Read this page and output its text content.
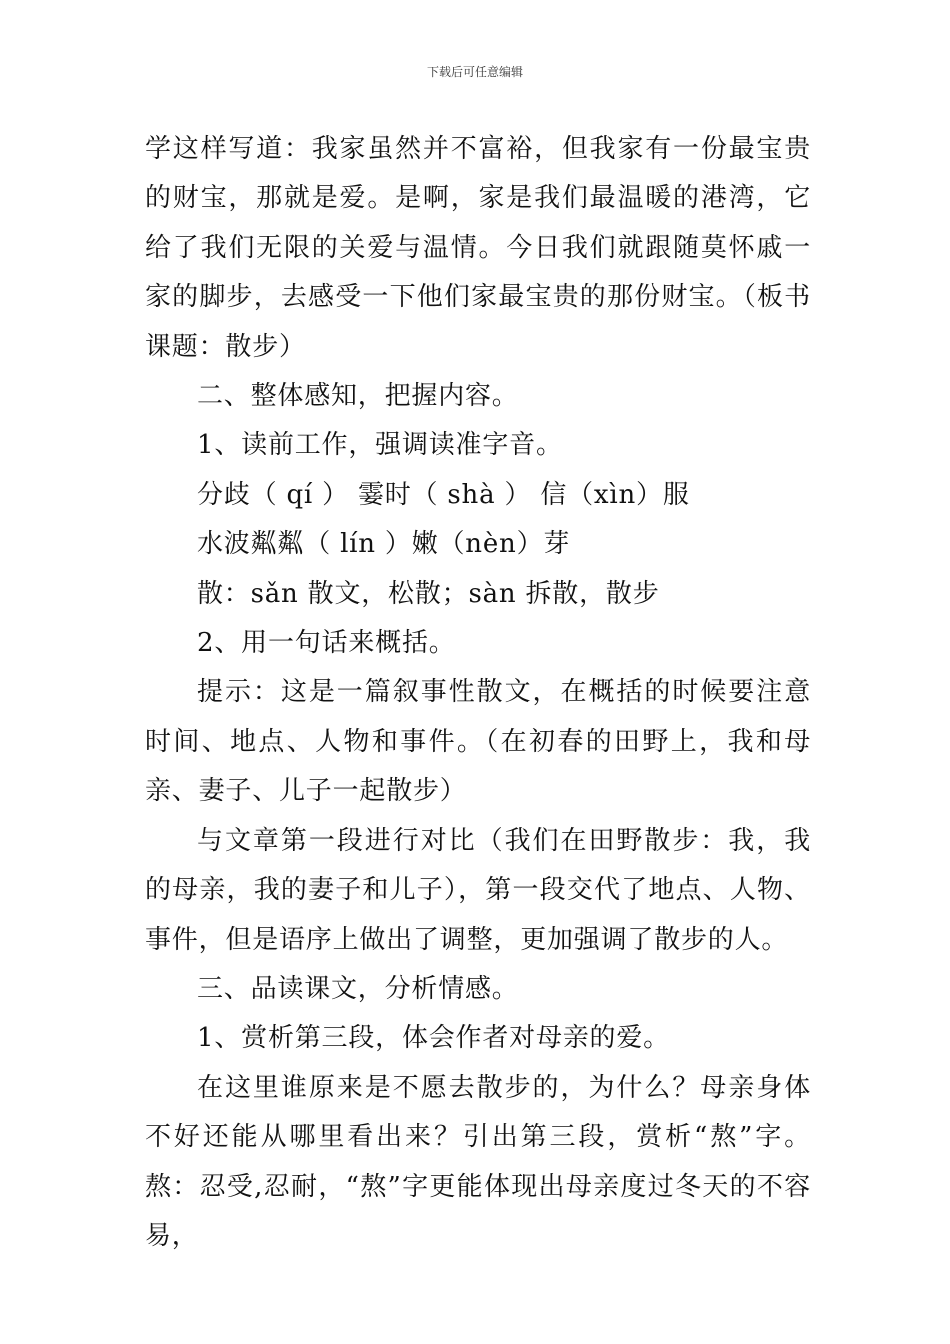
下载后可任意编辑

学这样写道：我家虽然并不富裕，但我家有一份最宝贵的财宝，那就是爱。是啊，家是我们最温暖的港湾，它给了我们无限的关爱与温情。今日我们就跟随莫怀戚一家的脚步，去感受一下他们家最宝贵的那份财宝。（板书课题：散步）

二、整体感知，把握内容。

1、读前工作，强调读准字音。

分歧（ qí ） 霎时（ shà ） 信（xìn）服

水波粼粼（ lín ）嫩（nèn）芽

散：sǎn 散文，松散；sàn 拆散，散步

2、用一句话来概括。

提示：这是一篇叙事性散文，在概括的时候要注意时间、地点、人物和事件。（在初春的田野上，我和母亲、妻子、儿子一起散步）

与文章第一段进行对比（我们在田野散步：我，我的母亲，我的妻子和儿子），第一段交代了地点、人物、事件，但是语序上做出了调整，更加强调了散步的人。

三、品读课文，分析情感。

1、赏析第三段，体会作者对母亲的爱。

在这里谁原来是不愿去散步的，为什么？母亲身体不好还能从哪里看出来？引出第三段，赏析“熬”字。熬：忍受,忍耐，“熬”字更能体现出母亲度过冬天的不容易，
